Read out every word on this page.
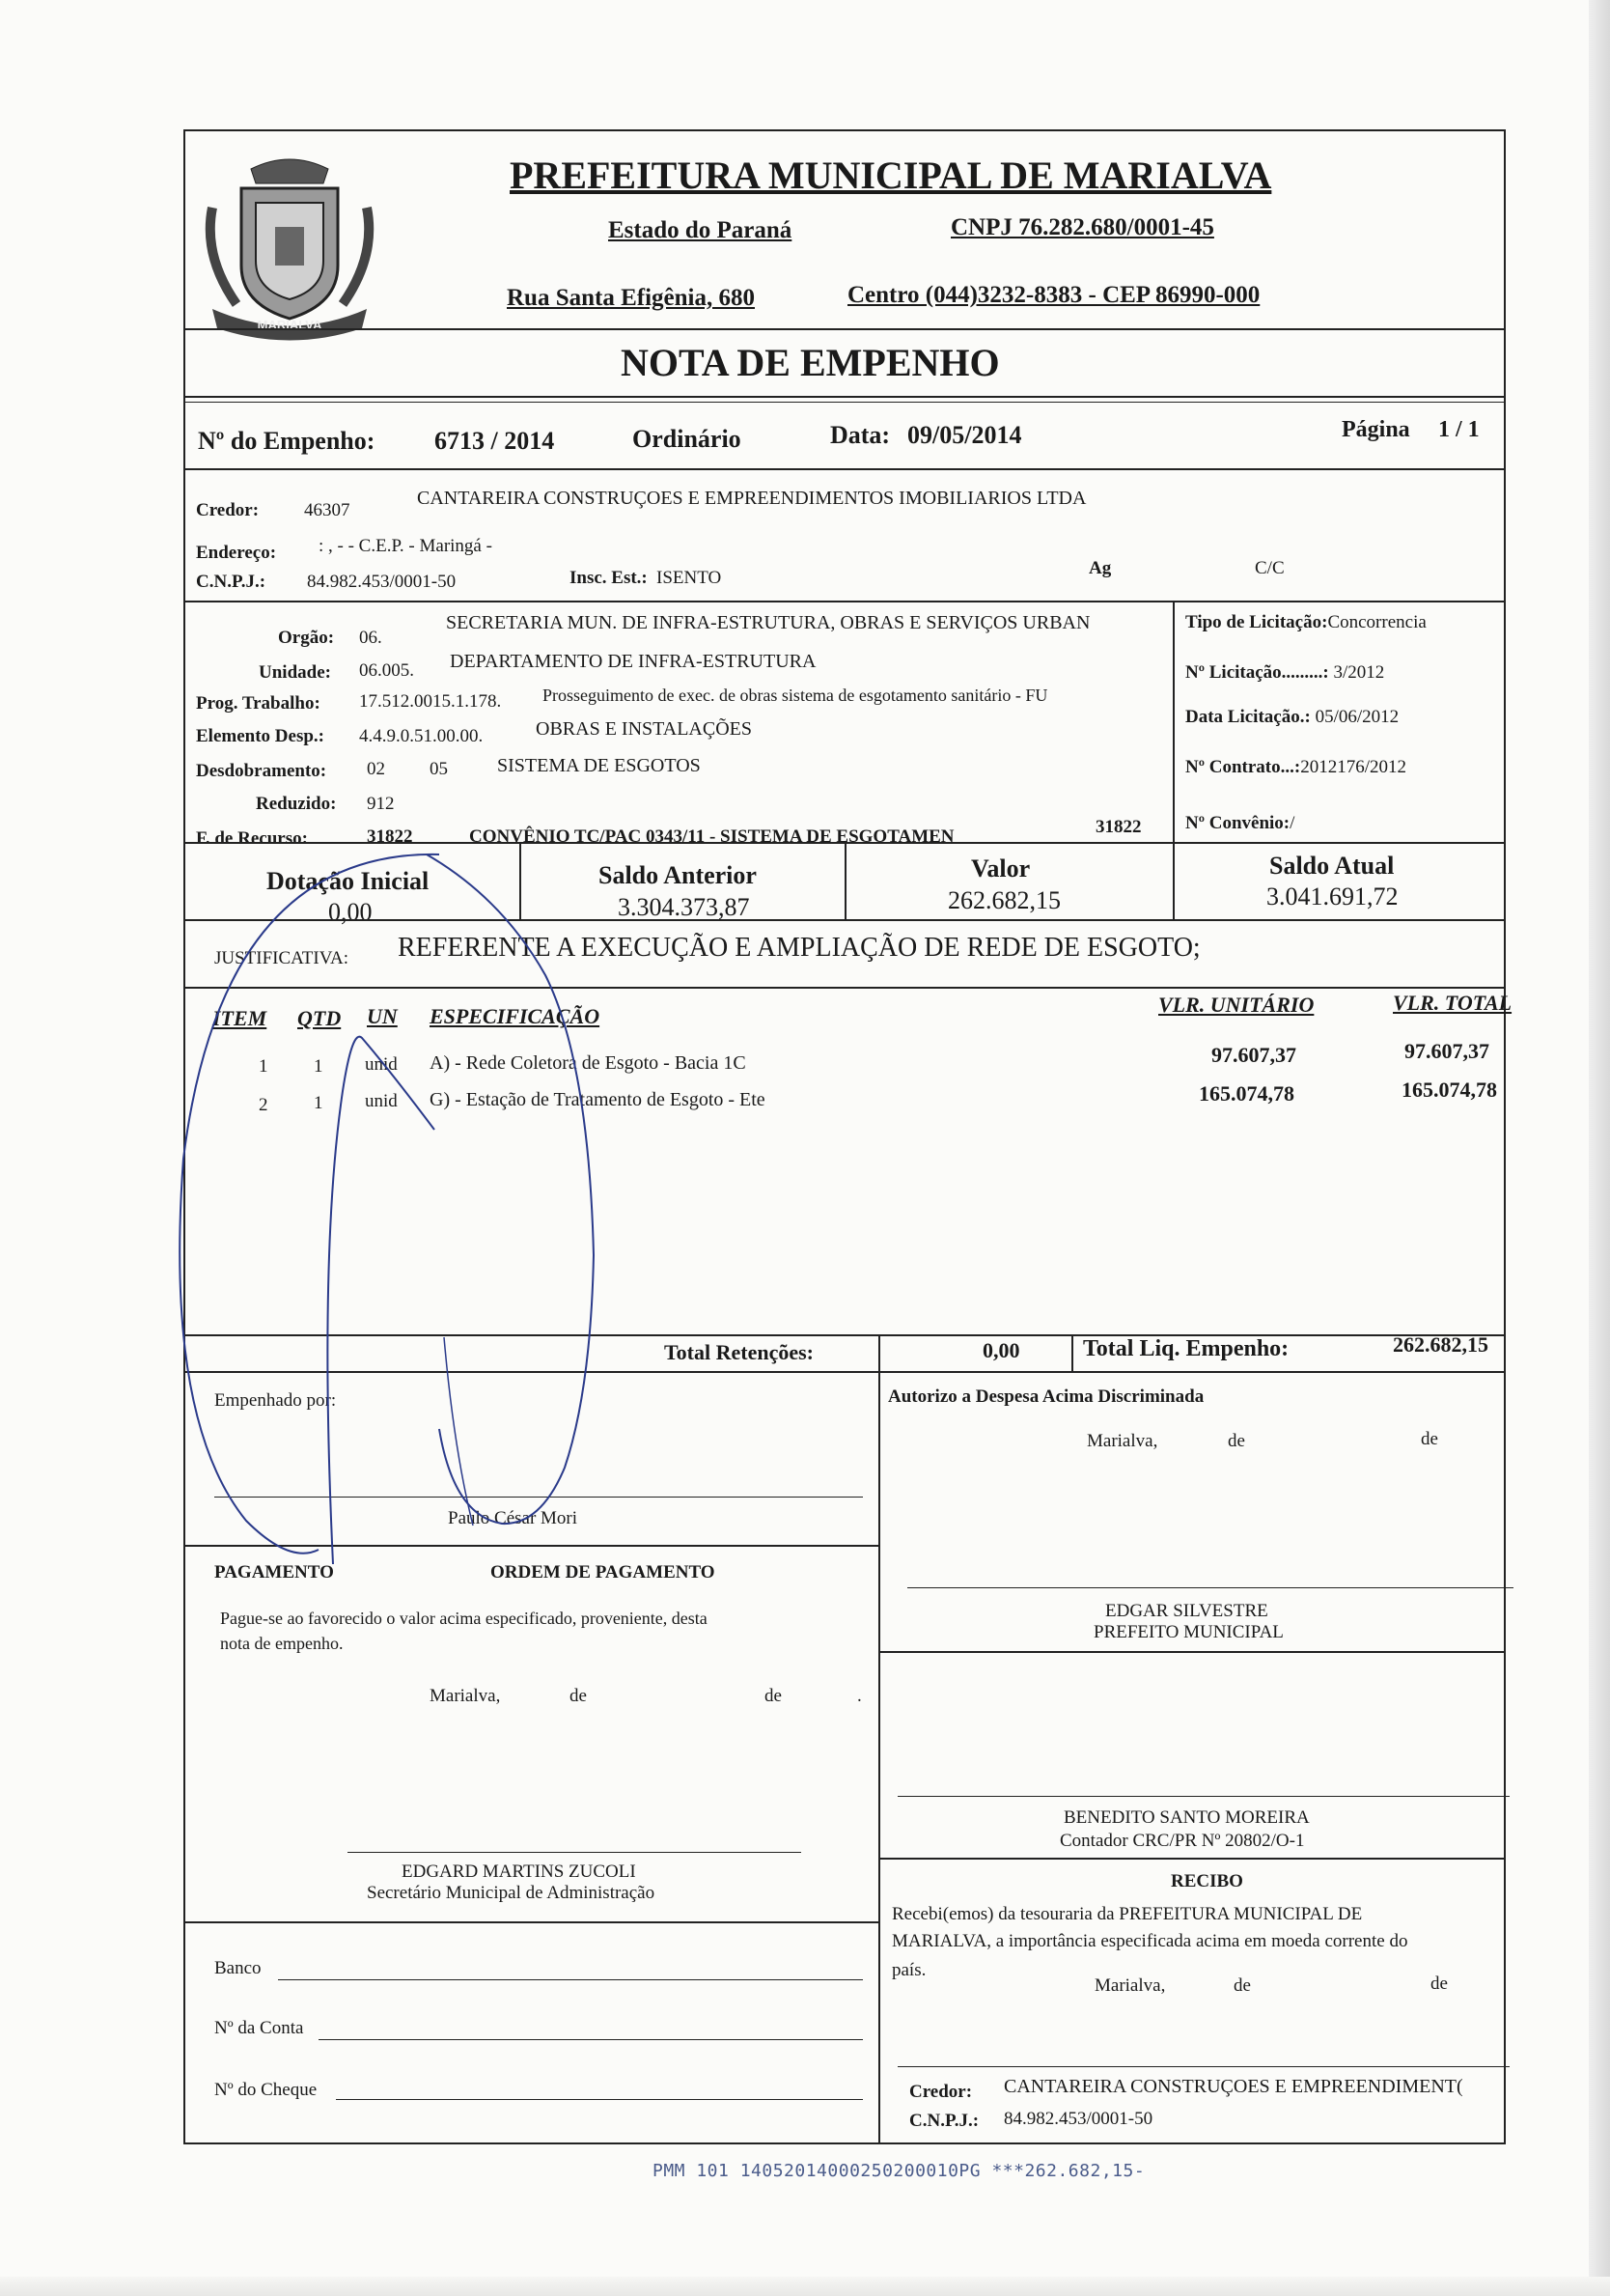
MARIALVA
PREFEITURA MUNICIPAL DE MARIALVA
Estado do Paraná	CNPJ 76.282.680/0001-45
Rua Santa Efigênia, 680	Centro (044)3232-8383 - CEP 86990-000
NOTA DE EMPENHO
Nº do Empenho: 6713 / 2014	Ordinário	Data: 09/05/2014	Página 1 / 1
Credor: 46307
CANTAREIRA CONSTRUÇOES E EMPREENDIMENTOS IMOBILIARIOS LTDA
Endereço: : , - - C.E.P. - Maringá -
C.N.P.J.: 84.982.453/0001-50	Insc. Est.: ISENTO	Ag	C/C
Orgão: 06.
SECRETARIA MUN. DE INFRA-ESTRUTURA, OBRAS E SERVIÇOS URBAN
Unidade: 06.005. DEPARTAMENTO DE INFRA-ESTRUTURA
Prog. Trabalho: 17.512.0015.1.178. Prosseguimento de exec. de obras sistema de esgotamento sanitário - FU
Elemento Desp.: 4.4.9.0.51.00.00.	OBRAS E INSTALAÇÕES
Desdobramento: 02 05	SISTEMA DE ESGOTOS
Reduzido: 912
F. de Recurso:	31822	CONVÊNIO TC/PAC 0343/11 - SISTEMA DE ESGOTAMEN	31822
Tipo de Licitação:Concorrencia
Nº Licitação.........: 3/2012
Data Licitação.: 05/06/2012
Nº Contrato...:2012176/2012
Nº Convênio:/
Dotação Inicial
0,00
Saldo Anterior
3.304.373,87
Valor
262.682,15
Saldo Atual
3.041.691,72
JUSTIFICATIVA: REFERENTE A EXECUÇÃO E AMPLIAÇÃO DE REDE DE ESGOTO;
ITEM QTD UN ESPECIFICAÇÃO	VLR. UNITÁRIO	VLR. TOTAL
1	1 unid A) - Rede Coletora de Esgoto - Bacia 1C	97.607,37	97.607,37
2	1 unid G) - Estação de Tratamento de Esgoto - Ete	165.074,78	165.074,78
Total Retenções:	0,00	Total Liq. Empenho:	262.682,15
Empenhado por:
Paulo César Mori
Autorizo a Despesa Acima Discriminada
Marialva,	de	de
EDGAR SILVESTRE
PREFEITO MUNICIPAL
PAGAMENTO	ORDEM DE PAGAMENTO
Pague-se ao favorecido o valor acima especificado, proveniente, desta
nota de empenho.
Marialva,	de	de	.
EDGARD MARTINS ZUCOLI
Secretário Municipal de Administração
Banco
Nº da Conta
Nº do Cheque
BENEDITO SANTO MOREIRA
Contador CRC/PR Nº 20802/O-1
RECIBO
Recebi(emos) da tesouraria da PREFEITURA MUNICIPAL DE
MARIALVA, a importância especificada acima em moeda corrente do
país.
Marialva,	de	de
Credor: CANTAREIRA CONSTRUÇOES E EMPREENDIMENT(
C.N.P.J.: 84.982.453/0001-50
PMM 101 14052014000250200010PG ***262.682,15-
